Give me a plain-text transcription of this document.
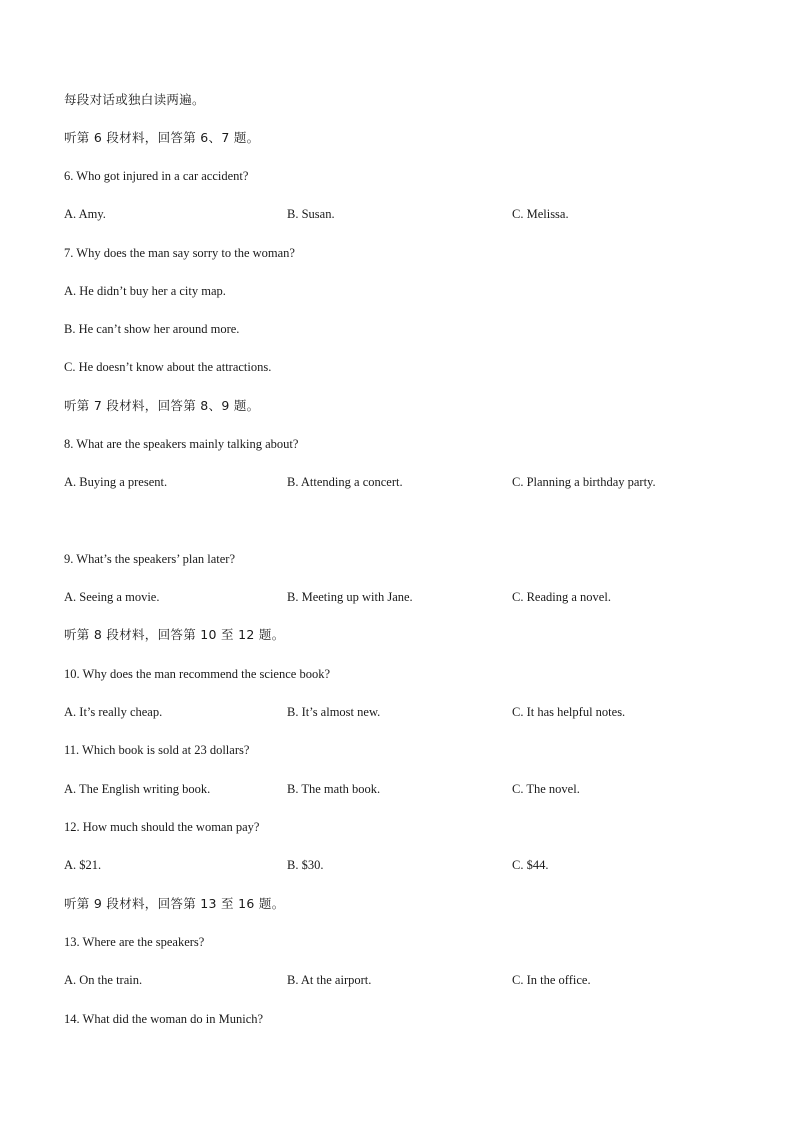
每段对话或独白读两遍。
听第 6 段材料，回答第 6、7 题。
6. Who got injured in a car accident?
A. Amy.	B. Susan.	C. Melissa.
7. Why does the man say sorry to the woman?
A. He didn’t buy her a city map.
B. He can’t show her around more.
C. He doesn’t know about the attractions.
听第 7 段材料，回答第 8、9 题。
8. What are the speakers mainly talking about?
A. Buying a present.	B. Attending a concert.	C. Planning a birthday party.
9. What’s the speakers’ plan later?
A. Seeing a movie.	B. Meeting up with Jane.	C. Reading a novel.
听第 8 段材料，回答第 10 至 12 题。
10. Why does the man recommend the science book?
A. It’s really cheap.	B. It’s almost new.	C. It has helpful notes.
11. Which book is sold at 23 dollars?
A. The English writing book.	B. The math book.	C. The novel.
12. How much should the woman pay?
A. $21.	B. $30.	C. $44.
听第 9 段材料，回答第 13 至 16 题。
13. Where are the speakers?
A. On the train.	B. At the airport.	C. In the office.
14. What did the woman do in Munich?
